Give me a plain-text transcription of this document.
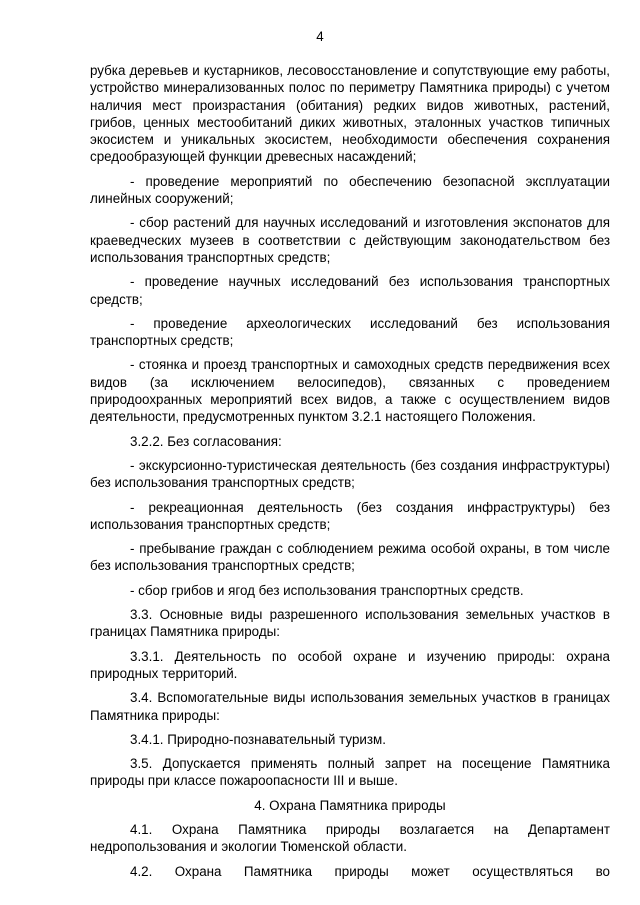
4

рубка деревьев и кустарников, лесовосстановление и сопутствующие ему работы, устройство минерализованных полос по периметру Памятника природы) с учетом наличия мест произрастания (обитания) редких видов животных, растений, грибов, ценных местообитаний диких животных, эталонных участков типичных экосистем и уникальных экосистем, необходимости обеспечения сохранения средообразующей функции древесных насаждений;

- проведение мероприятий по обеспечению безопасной эксплуатации линейных сооружений;

- сбор растений для научных исследований и изготовления экспонатов для краеведческих музеев в соответствии с действующим законодательством без использования транспортных средств;

- проведение научных исследований без использования транспортных средств;

- проведение археологических исследований без использования транспортных средств;

- стоянка и проезд транспортных и самоходных средств передвижения всех видов (за исключением велосипедов), связанных с проведением природоохранных мероприятий всех видов, а также с осуществлением видов деятельности, предусмотренных пунктом 3.2.1 настоящего Положения.

3.2.2. Без согласования:

- экскурсионно-туристическая деятельность (без создания инфраструктуры) без использования транспортных средств;

- рекреационная деятельность (без создания инфраструктуры) без использования транспортных средств;

- пребывание граждан с соблюдением режима особой охраны, в том числе без использования транспортных средств;

- сбор грибов и ягод без использования транспортных средств.

3.3. Основные виды разрешенного использования земельных участков в границах Памятника природы:

3.3.1. Деятельность по особой охране и изучению природы: охрана природных территорий.

3.4. Вспомогательные виды использования земельных участков в границах Памятника природы:

3.4.1. Природно-познавательный туризм.

3.5. Допускается применять полный запрет на посещение Памятника природы при классе пожароопасности III и выше.

4. Охрана Памятника природы

4.1. Охрана Памятника природы возлагается на Департамент недропользования и экологии Тюменской области.

4.2. Охрана Памятника природы может осуществляться во
